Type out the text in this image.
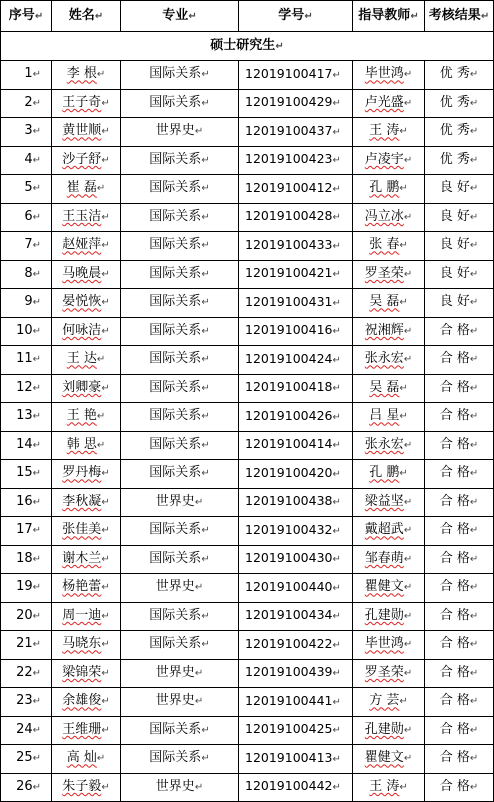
序号↵	姓名↵	专业↵	学号↵	指导教师↵	考核结果↵
硕士研究生↵					
1↵	李 根↵	国际关系↵	12019100417↵	毕世鸿↵	优 秀↵
2↵	王子奇↵	国际关系↵	12019100429↵	卢光盛↵	优 秀↵
3↵	黄世顺↵	世界史↵	12019100437↵	王 涛↵	优 秀↵
4↵	沙子舒↵	国际关系↵	12019100423↵	卢凌宇↵	优 秀↵
5↵	崔 磊↵	国际关系↵	12019100412↵	孔 鹏↵	良 好↵
6↵	王玉洁↵	国际关系↵	12019100428↵	冯立冰↵	良 好↵
7↵	赵娅萍↵	国际关系↵	12019100433↵	张 春↵	良 好↵
8↵	马晚晨↵	国际关系↵	12019100421↵	罗圣荣↵	良 好↵
9↵	晏悦恢↵	国际关系↵	12019100431↵	吴 磊↵	良 好↵
10↵	何咏洁↵	国际关系↵	12019100416↵	祝湘辉↵	合 格↵
11↵	王 达↵	国际关系↵	12019100424↵	张永宏↵	合 格↵
12↵	刘卿豪↵	国际关系↵	12019100418↵	吴 磊↵	合 格↵
13↵	王 艳↵	国际关系↵	12019100426↵	吕 星↵	合 格↵
14↵	韩 思↵	国际关系↵	12019100414↵	张永宏↵	合 格↵
15↵	罗丹梅↵	国际关系↵	12019100420↵	孔 鹏↵	合 格↵
16↵	李秋凝↵	世界史↵	12019100438↵	梁益坚↵	合 格↵
17↵	张佳美↵	国际关系↵	12019100432↵	戴超武↵	合 格↵
18↵	谢木兰↵	国际关系↵	12019100430↵	邹春萌↵	合 格↵
19↵	杨艳蕾↵	世界史↵	12019100440↵	瞿健文↵	合 格↵
20↵	周一迪↵	国际关系↵	12019100434↵	孔建勋↵	合 格↵
21↵	马晓东↵	国际关系↵	12019100422↵	毕世鸿↵	合 格↵
22↵	梁锦荣↵	世界史↵	12019100439↵	罗圣荣↵	合 格↵
23↵	余雄俊↵	世界史↵	12019100441↵	方 芸↵	合 格↵
24↵	王维珊↵	国际关系↵	12019100425↵	孔建勋↵	合 格↵
25↵	高 灿↵	国际关系↵	12019100413↵	瞿健文↵	合 格↵
26↵	朱子毅↵	世界史↵	12019100442↵	王 涛↵	合 格↵
